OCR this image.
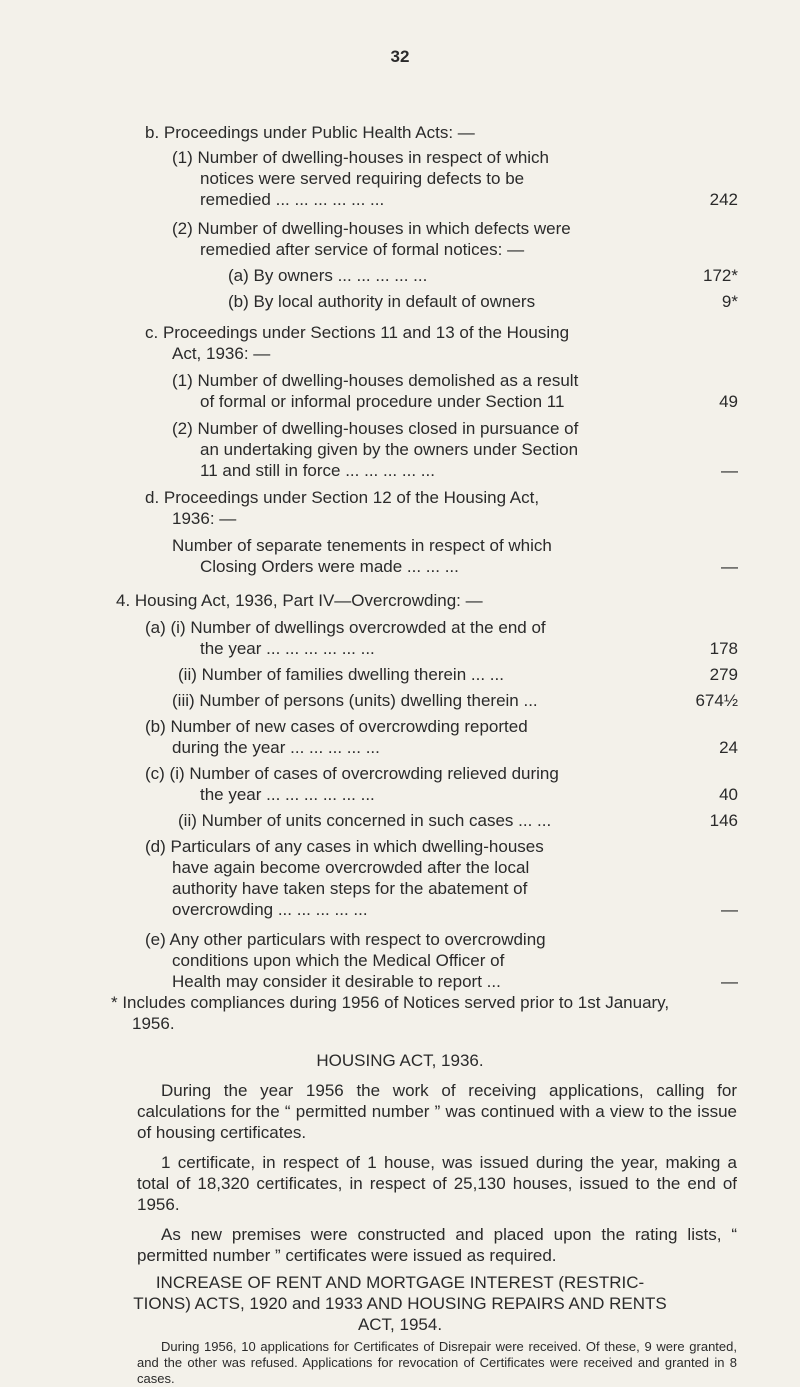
32
b. Proceedings under Public Health Acts: —
(1) Number of dwelling-houses in respect of which
notices were served requiring defects to be
remedied ... ... ... ... ... ...	242
(2) Number of dwelling-houses in which defects were
remedied after service of formal notices: —
(a) By owners ... ... ... ... ...	172*
(b) By local authority in default of owners	9*
c. Proceedings under Sections 11 and 13 of the Housing
Act, 1936: —
(1) Number of dwelling-houses demolished as a result
of formal or informal procedure under Section 11	49
(2) Number of dwelling-houses closed in pursuance of
an undertaking given by the owners under Section
11 and still in force ... ... ... ... ...	—
d. Proceedings under Section 12 of the Housing Act,
1936: —
Number of separate tenements in respect of which
Closing Orders were made ... ... ...	—
4. Housing Act, 1936, Part IV—Overcrowding: —
(a) (i) Number of dwellings overcrowded at the end of
the year ... ... ... ... ... ...	178
(ii) Number of families dwelling therein ... ...	279
(iii) Number of persons (units) dwelling therein ...	674½
(b) Number of new cases of overcrowding reported
during the year ... ... ... ... ...	24
(c) (i) Number of cases of overcrowding relieved during
the year ... ... ... ... ... ...	40
(ii) Number of units concerned in such cases ... ...	146
(d) Particulars of any cases in which dwelling-houses
have again become overcrowded after the local
authority have taken steps for the abatement of
overcrowding ... ... ... ... ...	—
(e) Any other particulars with respect to overcrowding
conditions upon which the Medical Officer of
Health may consider it desirable to report ...	—
* Includes compliances during 1956 of Notices served prior to 1st January,
1956.
HOUSING ACT, 1936.

During the year 1956 the work of receiving applications, calling for calculations for the “ permitted number ” was continued with a view to the issue of housing certificates.

1 certificate, in respect of 1 house, was issued during the year, making a total of 18,320 certificates, in respect of 25,130 houses, issued to the end of 1956.

As new premises were constructed and placed upon the rating lists, “ permitted number ” certificates were issued as required.

INCREASE OF RENT AND MORTGAGE INTEREST (RESTRIC-
TIONS) ACTS, 1920 and 1933 AND HOUSING REPAIRS AND RENTS
ACT, 1954.

During 1956, 10 applications for Certificates of Disrepair were received. Of these, 9 were granted, and the other was refused. Applications for revocation of Certificates were received and granted in 8 cases.
